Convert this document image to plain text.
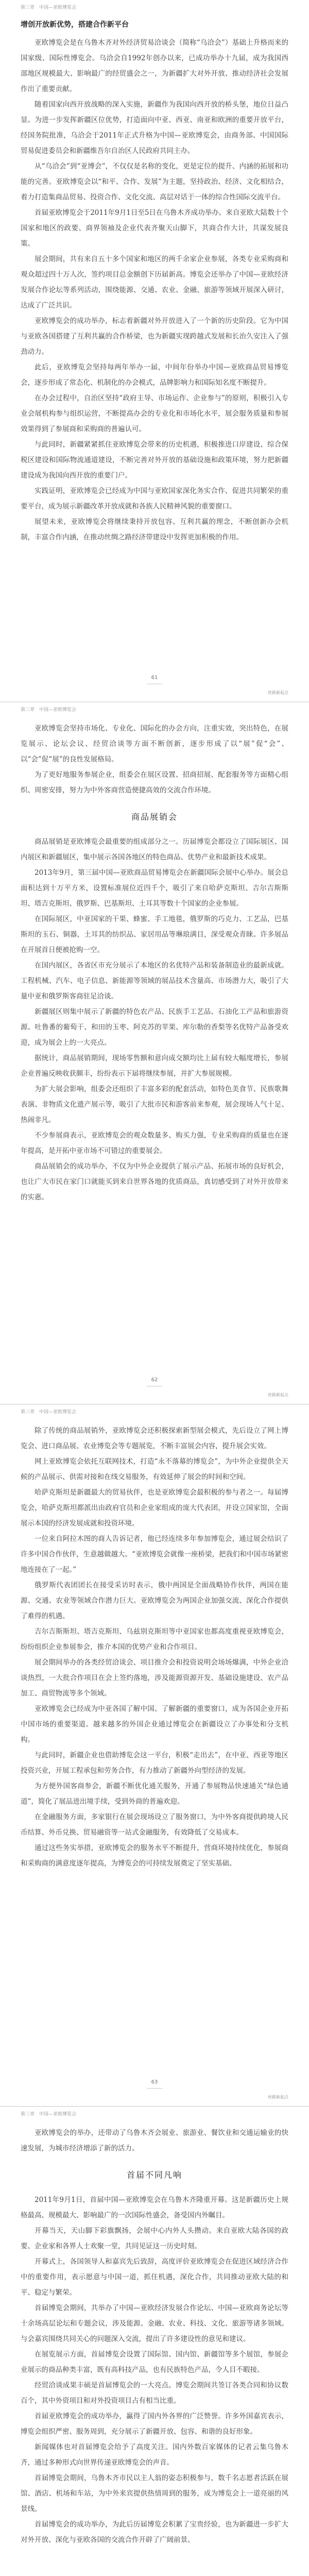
第三章　中国—亚欧博览会
增创开放新优势，搭建合作新平台

亚欧博览会是在乌鲁木齐对外经济贸易洽谈会（简称“乌洽会”）基础上升格而来的国家级、国际性博览会。乌洽会自1992年创办以来，已成功举办十九届，成为我国西部地区规模最大、影响最广的经贸盛会之一，为新疆扩大对外开放、推动经济社会发展作出了重要贡献。

随着国家向西开放战略的深入实施，新疆作为我国向西开放的桥头堡，地位日益凸显。为进一步发挥新疆区位优势，打造面向中亚、西亚、南亚和欧洲的重要开放平台，经国务院批准，乌洽会于2011年正式升格为中国—亚欧博览会，由商务部、中国国际贸易促进委员会和新疆维吾尔自治区人民政府共同主办。

从“乌洽会”到“亚博会”，不仅仅是名称的变化，更是定位的提升、内涵的拓展和功能的完善。亚欧博览会以“和平、合作、发展”为主题，坚持政治、经济、文化相结合，着力打造集商品贸易、投资合作、文化交流、高层对话于一体的综合性国际交流平台。

首届亚欧博览会于2011年9月1日至5日在乌鲁木齐成功举办。来自亚欧大陆数十个国家和地区的政要、商界领袖及企业代表齐聚天山脚下，共商合作大计，共谋发展良策。

展会期间，共有来自五十多个国家和地区的两千余家企业参展，各类专业采购商和观众超过四十万人次，签约项目总金额创下历届新高。博览会还举办了中国—亚欧经济发展合作论坛等系列活动，围绕能源、交通、农业、金融、旅游等领域开展深入研讨，达成了广泛共识。

亚欧博览会的成功举办，标志着新疆对外开放进入了一个新的历史阶段。它为中国与亚欧各国搭建了互利共赢的合作桥梁，也为新疆实现跨越式发展和长治久安注入了强劲动力。

此后，亚欧博览会坚持每两年举办一届，中间年份举办中国—亚欧商品贸易博览会，逐步形成了常态化、机制化的办会模式，品牌影响力和国际知名度不断提升。

在办会过程中，自治区坚持“政府主导、市场运作、企业参与”的原则，积极引入专业会展机构参与组织运营，不断提高办会的专业化和市场化水平，展会服务质量和参展效果得到了参展商和采购商的普遍认可。

与此同时，新疆紧紧抓住亚欧博览会带来的历史机遇，积极推进口岸建设、综合保税区建设和国际物流通道建设，不断完善对外开放的基础设施和政策环境，努力把新疆建设成为我国向西开放的重要门户。

实践证明，亚欧博览会已经成为中国与亚欧国家深化务实合作、促进共同繁荣的重要平台，成为展示新疆改革开放成就和各族人民精神风貌的重要窗口。

展望未来，亚欧博览会将继续秉持开放包容、互利共赢的理念，不断创新办会机制，丰富合作内涵，在推动丝绸之路经济带建设中发挥更加积极的作用。

61
丝路新起点
第三章　中国—亚欧博览会

亚欧博览会坚持市场化、专业化、国际化的办会方向，注重实效，突出特色，在展览展示、论坛会议、经贸洽谈等方面不断创新，逐步形成了以“展”促“会”、以“会”促“展”的良性发展格局。

为了更好地服务参展企业，组委会在展区设置、招商招展、配套服务等方面精心组织、周密安排，努力为中外客商营造便捷高效的交流合作环境。

商品展销会

商品展销是亚欧博览会最重要的组成部分之一。历届博览会都设立了国际展区、国内展区和新疆展区，集中展示各国各地区的特色商品、优势产业和最新技术成果。

2013年9月，第三届中国—亚欧商品贸易博览会在新疆国际会展中心举办。展会总面积达到十万平方米，设置标准展位近四千个，吸引了来自哈萨克斯坦、吉尔吉斯斯坦、塔吉克斯坦、俄罗斯、巴基斯坦、土耳其等数十个国家的企业参展。

在国际展区，中亚国家的干果、蜂蜜、手工地毯，俄罗斯的巧克力、工艺品，巴基斯坦的玉石、铜器，土耳其的纺织品、家居用品等琳琅满目，深受观众青睐。许多展品在开展首日便被抢购一空。

在国内展区，各省区市充分展示了本地区的名优特产品和装备制造业的最新成就。工程机械、汽车、电子信息、新能源等领域的展品技术含量高、市场潜力大，吸引了大量中亚和俄罗斯客商驻足洽谈。

新疆展区则集中展示了新疆的特色农产品、民族手工艺品、石油化工产品和旅游资源。吐鲁番的葡萄干、和田的玉枣、阿克苏的苹果、库尔勒的香梨等名优特产品备受欢迎，成为展会上的一大亮点。

据统计，商品展销期间，现场零售额和意向成交额均比上届有较大幅度增长，参展企业普遍反映收获颇丰，纷纷表示下届将继续参展，并扩大参展规模。

为扩大展会影响，组委会还组织了丰富多彩的配套活动，如特色美食节、民族歌舞表演、非物质文化遗产展示等，吸引了大批市民和游客前来参观，展会现场人气十足、热闹非凡。

不少参展商表示，亚欧博览会的观众数量多、购买力强，专业采购商的质量也在逐年提高，是开拓中亚市场不可错过的重要展会。

商品展销会的成功举办，不仅为中外企业提供了展示产品、拓展市场的良好机会，也让广大市民在家门口就能买到来自世界各地的优质商品，真切感受到了对外开放带来的实惠。

62
丝路新起点
第三章　中国—亚欧博览会

除了传统的商品展销外，亚欧博览会还积极探索新型展会模式，先后设立了网上博览会、进口商品展、农业博览会等专题展览，不断丰富展会内容，提升展会实效。

网上亚欧博览会依托互联网技术，打造“永不落幕的博览会”，为中外企业提供全天候的产品展示、供需对接和在线交易服务，有效延伸了展会的时间和空间。

哈萨克斯坦是新疆最大的贸易伙伴，也是亚欧博览会最积极的参与者之一。每届博览会，哈萨克斯坦都派出由政府官员和企业家组成的庞大代表团，并设立国家馆，全面展示本国的经济发展成就和投资环境。

一位来自阿拉木图的商人告诉记者，他已经连续多年参加博览会，通过展会结识了许多中国合作伙伴，生意越做越大。“亚欧博览会就像一座桥梁，把我们和中国市场紧密地连接在了一起。”

俄罗斯代表团团长在接受采访时表示，俄中两国是全面战略协作伙伴，两国在能源、交通、农业等领域合作潜力巨大。亚欧博览会为两国企业加强交流、深化合作提供了难得的机遇。

吉尔吉斯斯坦、塔吉克斯坦、乌兹别克斯坦等中亚国家也都高度重视亚欧博览会，纷纷组织企业参展参会，推介本国的优势产业和合作项目。

展会期间举办的各类经贸洽谈会、项目推介会和投资说明会场场爆满，中外企业洽谈热烈，一大批合作项目在会上签约落地，涉及能源资源开发、基础设施建设、农产品加工、商贸物流等多个领域。

亚欧博览会已经成为中亚各国了解中国、了解新疆的重要窗口，成为各国企业开拓中国市场的重要渠道。越来越多的外国企业通过博览会在新疆设立了办事处和分支机构。

与此同时，新疆企业也借助博览会这一平台，积极“走出去”，在中亚、西亚等地区投资兴业，开展工程承包和劳务合作，有力推动了新疆外向型经济的发展。

为方便外国客商参会，新疆不断优化通关服务，开通了参展物品快速通关“绿色通道”，简化了展品进出境手续，受到外商的普遍欢迎。

在金融服务方面，多家银行在展会现场设立了服务窗口，为中外客商提供跨境人民币结算、外币兑换、贸易融资等一站式金融服务，有效降低了交易成本。

通过这些务实举措，亚欧博览会的服务水平不断提升，营商环境持续优化，参展商和采购商的满意度逐年提高，为博览会的可持续发展奠定了坚实基础。

63
丝路新起点
第三章　中国—亚欧博览会

亚欧博览会的举办，还带动了乌鲁木齐会展业、旅游业、餐饮业和交通运输业的快速发展，为城市经济增添了新的活力。

首届不同凡响

2011年9月1日，首届中国—亚欧博览会在乌鲁木齐隆重开幕。这是新疆历史上规格最高、规模最大、影响最广的一次国际性盛会，备受国内外瞩目。

开幕当天，天山脚下彩旗飘扬，会展中心内外人头攒动。来自亚欧大陆各国的政要、企业家和各界人士欢聚一堂，共同见证这一历史时刻。

开幕式上，各国领导人和嘉宾先后致辞，高度评价亚欧博览会在促进区域经济合作中的重要作用，表示愿意与中国一道，抓住机遇，深化合作，共同推动亚欧大陆的和平、稳定与繁荣。

首届博览会期间，共举办了中国—亚欧经济发展合作论坛、中国—亚欧商务论坛等十余场高层论坛和专题会议，涉及能源、金融、农业、科技、文化、旅游等诸多领域。与会嘉宾围绕共同关心的问题深入交流，提出了许多建设性的意见和建议。

在展览展示方面，首届博览会设置了国际馆、国内馆、新疆馆等多个展馆，参展企业展示的商品种类丰富，既有高科技产品，也有民族特色产品，令人目不暇接。

经贸洽谈成果丰硕是首届博览会的一大亮点。博览会期间共签订各类合同和协议数百个，其中外资项目和对外投资项目占有相当比重。

首届亚欧博览会的成功举办，赢得了国内外各界的广泛赞誉。许多外国嘉宾表示，博览会组织严密、服务周到，充分展示了新疆开放、包容、和谐的良好形象。

新闻媒体也对首届博览会给予了高度关注。国内外数百家媒体的记者云集乌鲁木齐，通过多种形式向世界传递亚欧博览会的声音。

首届博览会期间，乌鲁木齐市民以主人翁的姿态积极参与，数千名志愿者活跃在展馆、酒店、机场和车站，为中外来宾提供热情周到的服务，成为博览会上一道亮丽的风景线。

首届博览会的成功举办，为此后历届博览会积累了宝贵经验，也为新疆进一步扩大对外开放、深化与亚欧各国的交流合作开辟了广阔前景。
